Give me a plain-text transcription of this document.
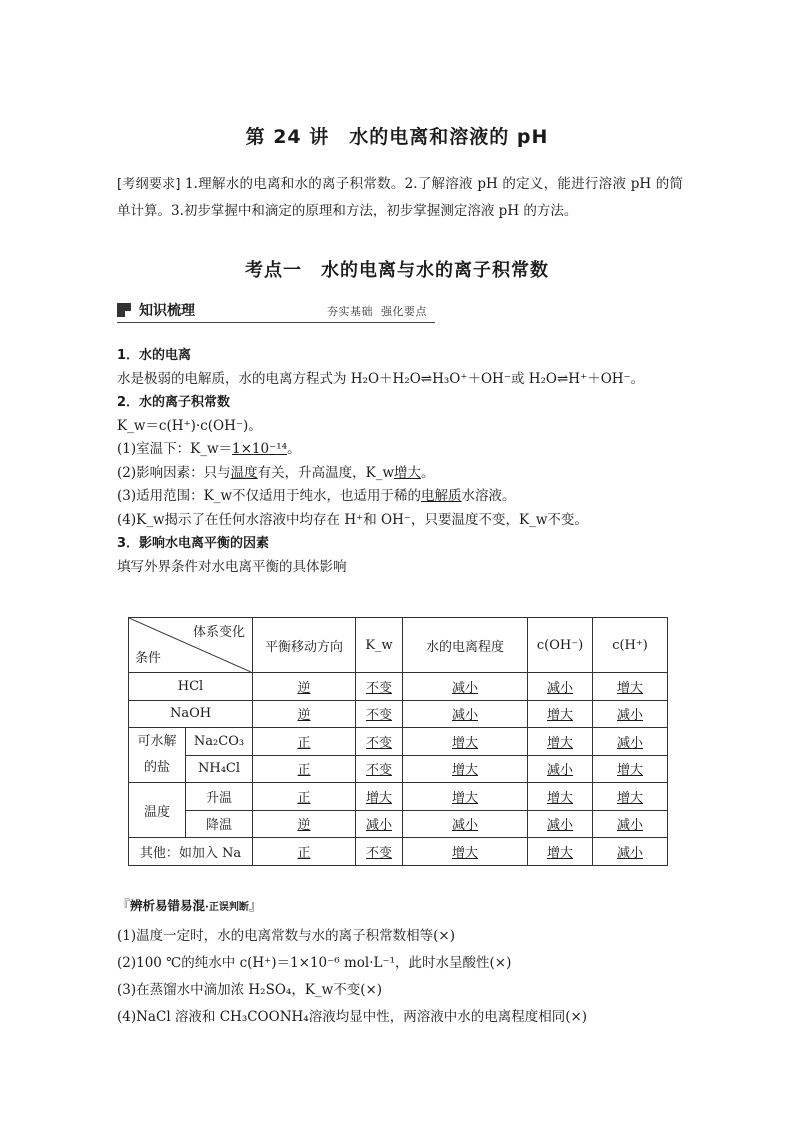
第 24 讲　水的电离和溶液的 pH
[考纲要求] 1.理解水的电离和水的离子积常数。2.了解溶液 pH 的定义，能进行溶液 pH 的简单计算。3.初步掌握中和滴定的原理和方法，初步掌握测定溶液 pH 的方法。
考点一　水的电离与水的离子积常数
知识梳理	夯实基础 强化要点
1．水的电离
水是极弱的电解质，水的电离方程式为 H₂O＋H₂O⇌H₃O⁺＋OH⁻或 H₂O⇌H⁺＋OH⁻。
2．水的离子积常数
K_w＝c(H⁺)·c(OH⁻)。
(1)室温下：K_w＝1×10⁻¹⁴。
(2)影响因素：只与温度有关，升高温度，K_w增大。
(3)适用范围：K_w不仅适用于纯水，也适用于稀的电解质水溶液。
(4)K_w揭示了在任何水溶液中均存在 H⁺和 OH⁻，只要温度不变，K_w不变。
3．影响水电离平衡的因素
填写外界条件对水电离平衡的具体影响
体系变化
条件		平衡移动方向	K_w	水的电离程度	c(OH⁻)	c(H⁺)
HCl		逆	不变	减小	减小	增大
NaOH		逆	不变	减小	增大	减小
可水解
的盐	Na₂CO₃	正	不变	增大	增大	减小
	NH₄Cl	正	不变	增大	减小	增大
温度	升温	正	增大	增大	增大	增大
	降温	逆	减小	减小	减小	减小
其他：如加入 Na		正	不变	增大	增大	减小
『辨析易错易混·正误判断』
(1)温度一定时，水的电离常数与水的离子积常数相等(×)
(2)100 ℃的纯水中 c(H⁺)＝1×10⁻⁶ mol·L⁻¹，此时水呈酸性(×)
(3)在蒸馏水中滴加浓 H₂SO₄，K_w不变(×)
(4)NaCl 溶液和 CH₃COONH₄溶液均显中性，两溶液中水的电离程度相同(×)
